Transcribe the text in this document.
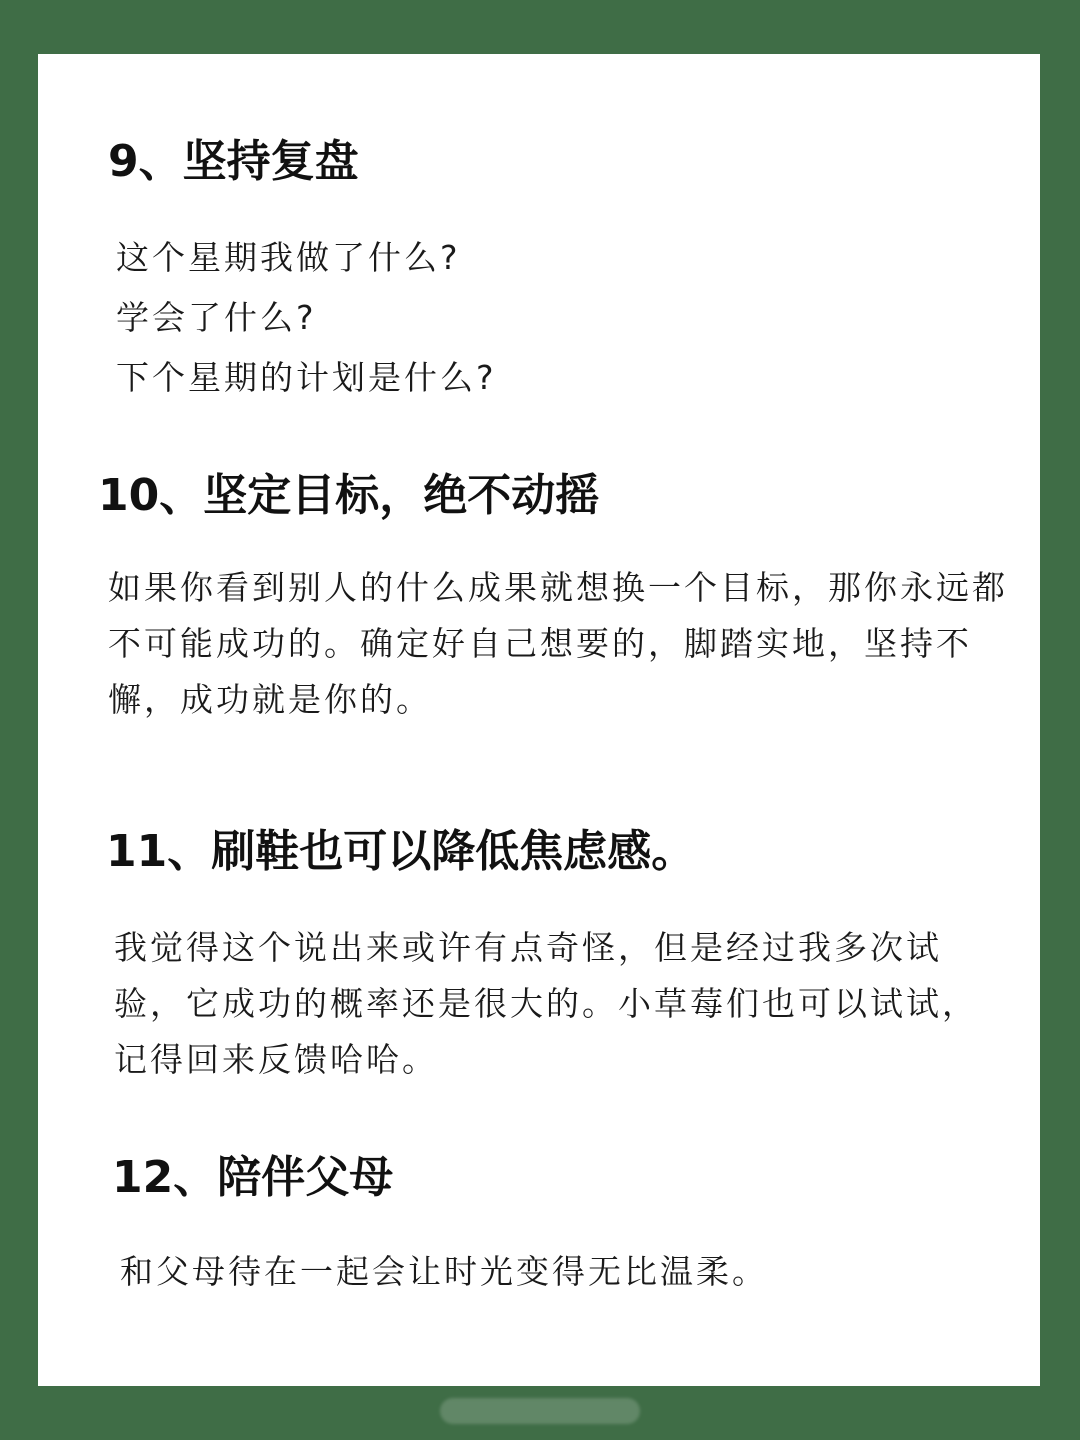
9、坚持复盘
这个星期我做了什么?
学会了什么?
下个星期的计划是什么?
10、坚定目标，绝不动摇
如果你看到别人的什么成果就想换一个目标，那你永远都不可能成功的。确定好自己想要的，脚踏实地，坚持不懈，成功就是你的。
11、刷鞋也可以降低焦虑感。
我觉得这个说出来或许有点奇怪，但是经过我多次试验，它成功的概率还是很大的。小草莓们也可以试试，记得回来反馈哈哈。
12、陪伴父母
和父母待在一起会让时光变得无比温柔。
